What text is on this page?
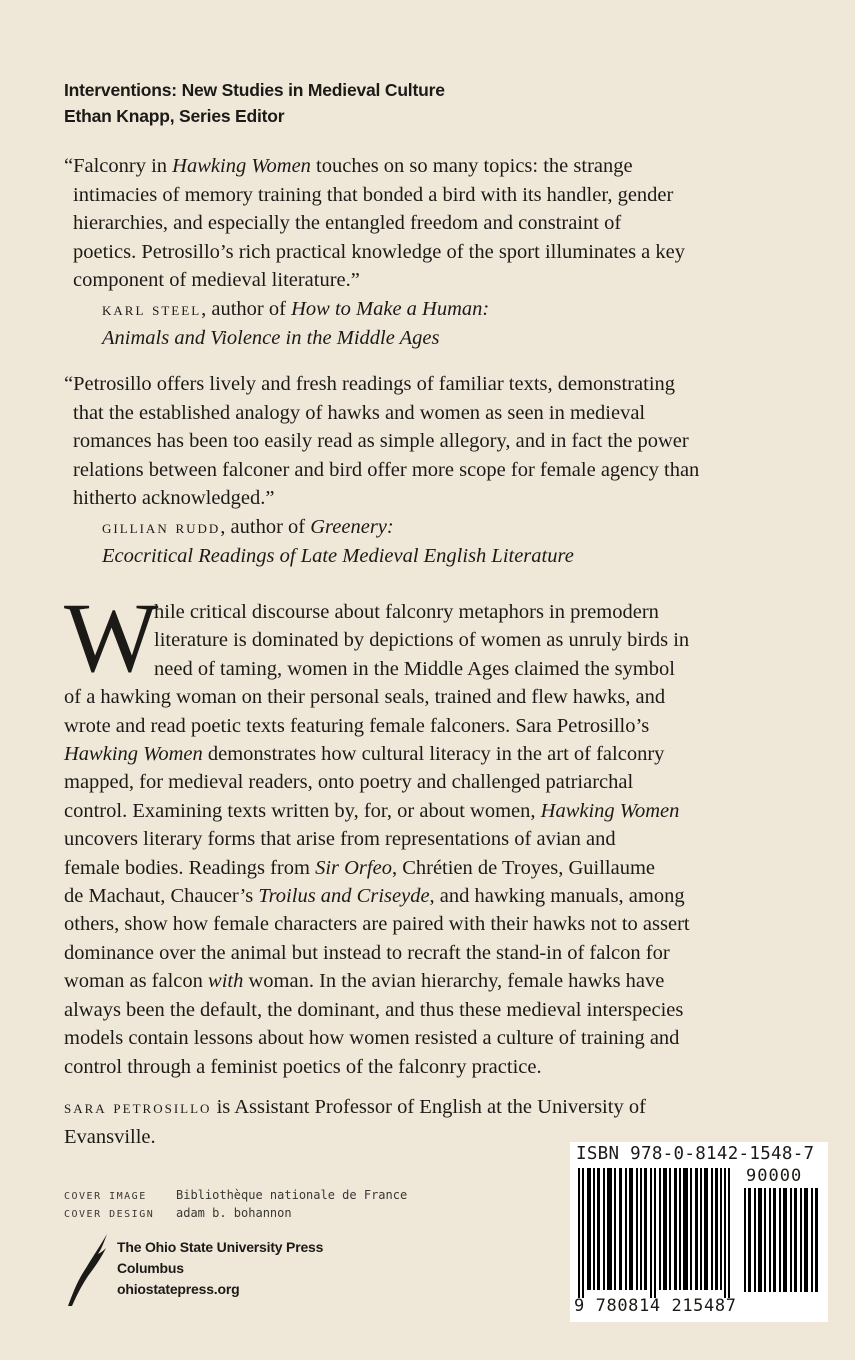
Interventions: New Studies in Medieval Culture
Ethan Knapp, Series Editor
“Falconry in Hawking Women touches on so many topics: the strange
intimacies of memory training that bonded a bird with its handler, gender
hierarchies, and especially the entangled freedom and constraint of
poetics. Petrosillo’s rich practical knowledge of the sport illuminates a key
component of medieval literature.”
karl steel, author of How to Make a Human:
Animals and Violence in the Middle Ages
“Petrosillo offers lively and fresh readings of familiar texts, demonstrating
that the established analogy of hawks and women as seen in medieval
romances has been too easily read as simple allegory, and in fact the power
relations between falconer and bird offer more scope for female agency than
hitherto acknowledged.”
gillian rudd, author of Greenery:
Ecocritical Readings of Late Medieval English Literature
W
hile critical discourse about falconry metaphors in premodern
literature is dominated by depictions of women as unruly birds in
need of taming, women in the Middle Ages claimed the symbol
of a hawking woman on their personal seals, trained and flew hawks, and
wrote and read poetic texts featuring female falconers. Sara Petrosillo’s
Hawking Women demonstrates how cultural literacy in the art of falconry
mapped, for medieval readers, onto poetry and challenged patriarchal
control. Examining texts written by, for, or about women, Hawking Women
uncovers literary forms that arise from representations of avian and
female bodies. Readings from Sir Orfeo, Chrétien de Troyes, Guillaume
de Machaut, Chaucer’s Troilus and Criseyde, and hawking manuals, among
others, show how female characters are paired with their hawks not to assert
dominance over the animal but instead to recraft the stand-in of falcon for
woman as falcon with woman. In the avian hierarchy, female hawks have
always been the default, the dominant, and thus these medieval interspecies
models contain lessons about how women resisted a culture of training and
control through a feminist poetics of the falconry practice.
sara petrosillo is Assistant Professor of English at the University of
Evansville.
COVER IMAGE Bibliothèque nationale de France
COVER DESIGN adam b. bohannon
The Ohio State University Press
Columbus
ohiostatepress.org
ISBN 978-0-8142-1548-7
90000
9 780814 215487
